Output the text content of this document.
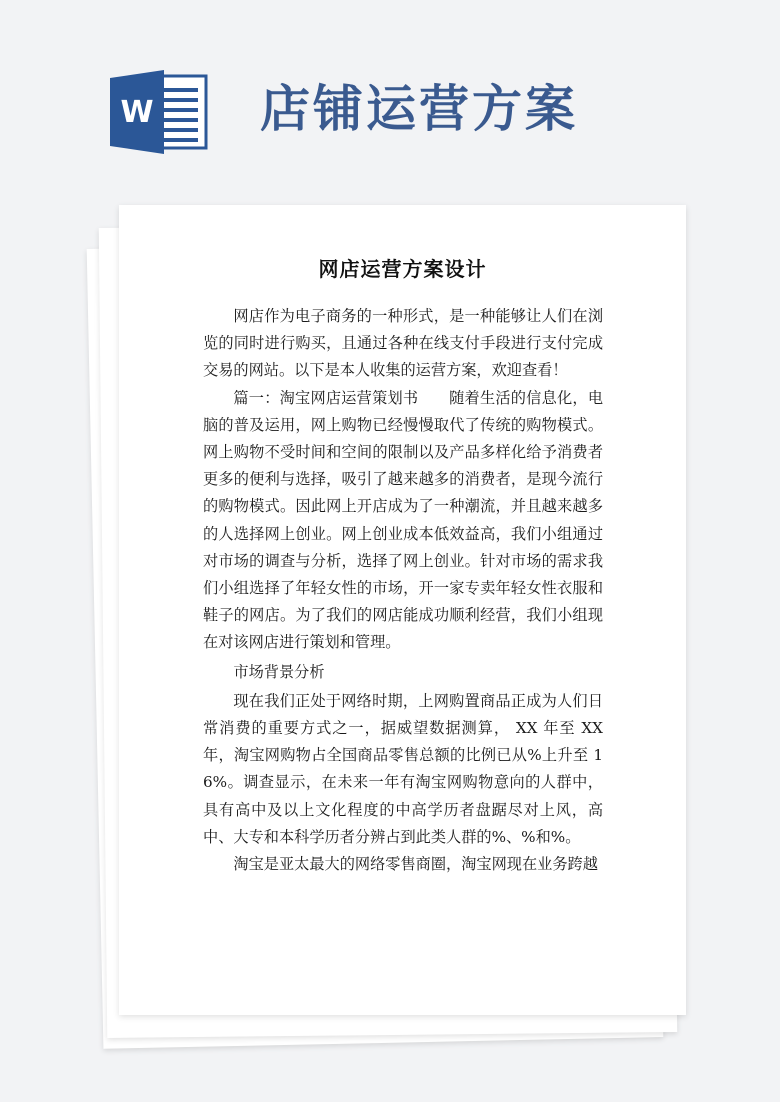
W 店铺运营方案
网店运营方案设计

网店作为电子商务的一种形式，是一种能够让人们在浏览的同时进行购买，且通过各种在线支付手段进行支付完成交易的网站。以下是本人收集的运营方案，欢迎查看！

篇一：淘宝网店运营策划书　　随着生活的信息化，电脑的普及运用，网上购物已经慢慢取代了传统的购物模式。网上购物不受时间和空间的限制以及产品多样化给予消费者更多的便利与选择，吸引了越来越多的消费者，是现今流行的购物模式。因此网上开店成为了一种潮流，并且越来越多的人选择网上创业。网上创业成本低效益高，我们小组通过对市场的调查与分析，选择了网上创业。针对市场的需求我们小组选择了年轻女性的市场，开一家专卖年轻女性衣服和鞋子的网店。为了我们的网店能成功顺利经营，我们小组现在对该网店进行策划和管理。

市场背景分析

现在我们正处于网络时期，上网购置商品正成为人们日常消费的重要方式之一，据威望数据测算， XX 年至 XX 年，淘宝网购物占全国商品零售总额的比例已从%上升至 16%。调查显示，在未来一年有淘宝网购物意向的人群中，具有高中及以上文化程度的中高学历者盘踞尽对上风，高中、大专和本科学历者分辨占到此类人群的%、%和%。

淘宝是亚太最大的网络零售商圈，淘宝网现在业务跨越
